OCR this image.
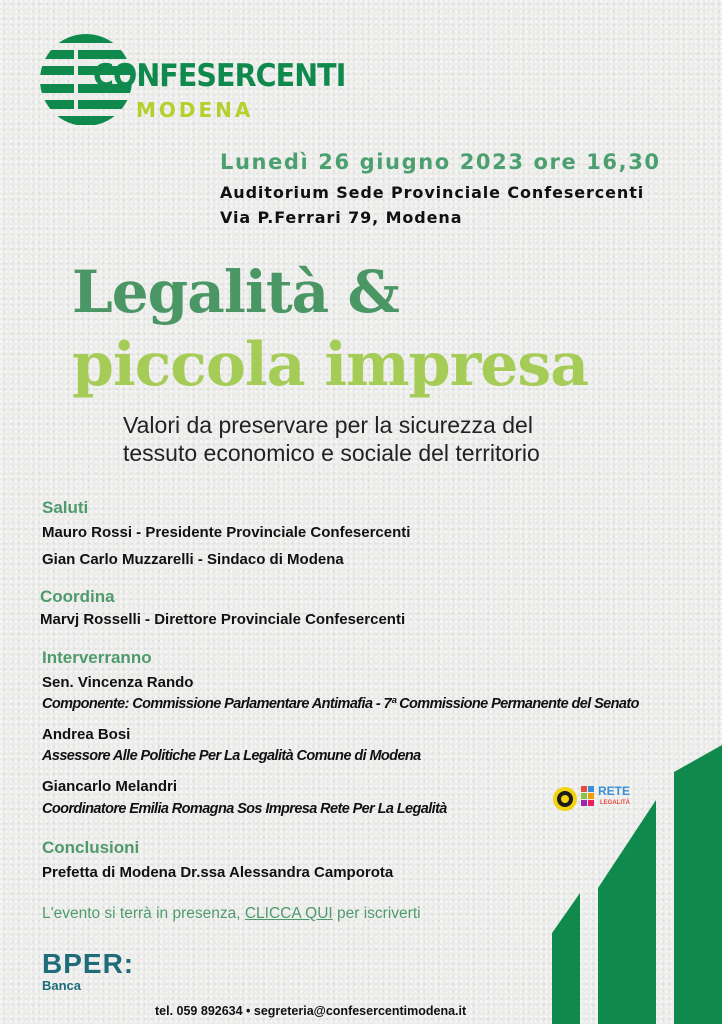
CONFESERCENTI
MODENA
Lunedì 26 giugno 2023 ore 16,30
Auditorium Sede Provinciale Confesercenti
Via P.Ferrari 79, Modena
Legalità &
piccola impresa
Valori da preservare per la sicurezza del
tessuto economico e sociale del territorio
Saluti
Mauro Rossi - Presidente Provinciale Confesercenti
Gian Carlo Muzzarelli - Sindaco di Modena
Coordina
Marvj Rosselli - Direttore Provinciale Confesercenti
Interverranno
Sen. Vincenza Rando
Componente: Commissione Parlamentare Antimafia - 7ª Commissione Permanente del Senato
Andrea Bosi
Assessore Alle Politiche Per La Legalità Comune di Modena
Giancarlo Melandri
Coordinatore Emilia Romagna Sos Impresa Rete Per La Legalità
RETE
LEGALITÀ
Conclusioni
Prefetta di Modena Dr.ssa Alessandra Camporota
L'evento si terrà in presenza, CLICCA QUI per iscriverti
BPER:
Banca
tel. 059 892634 • segreteria@confesercentimodena.it
